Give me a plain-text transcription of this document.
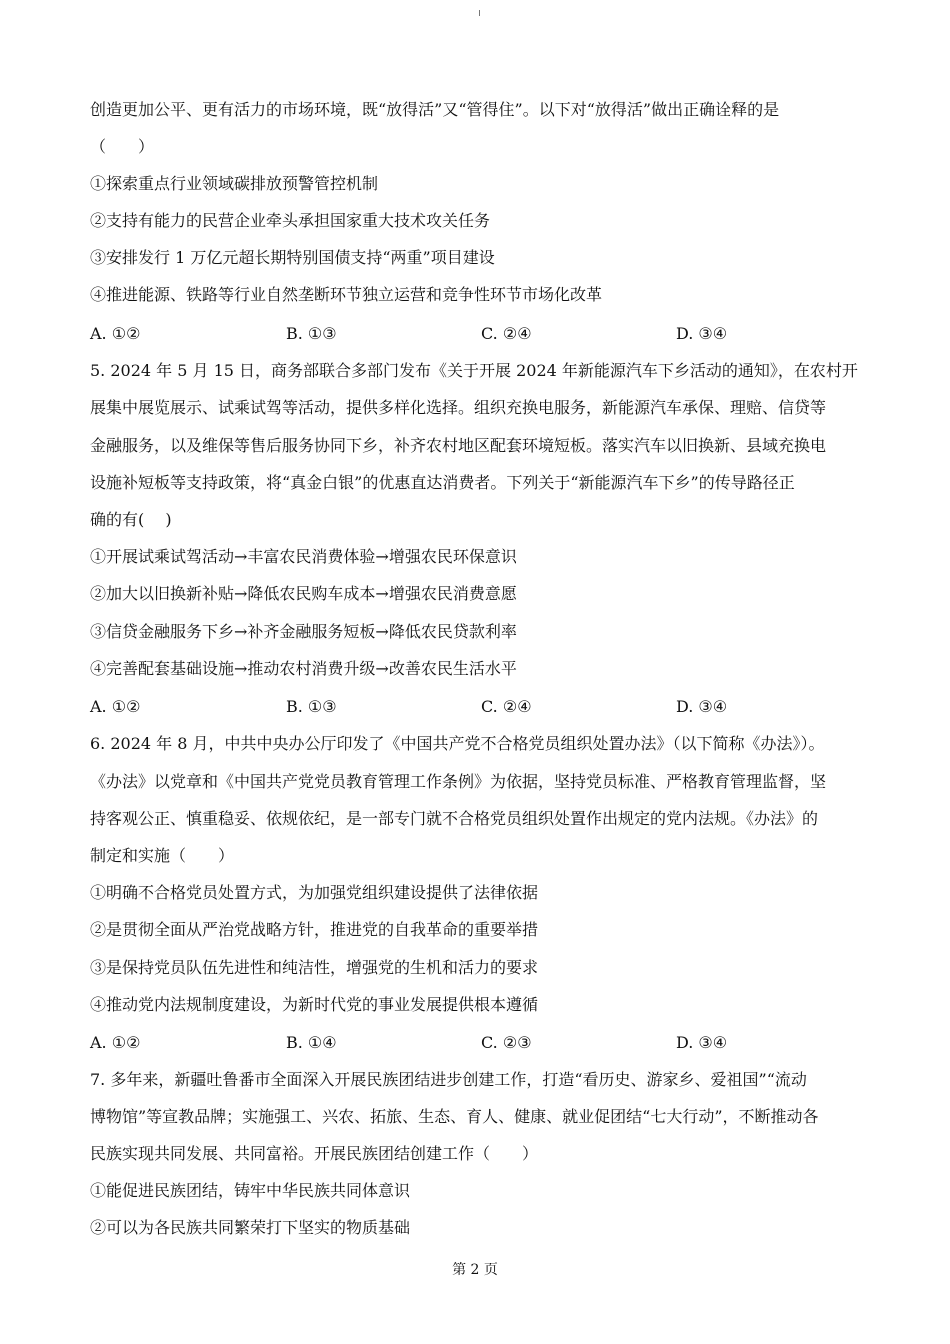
创造更加公平、更有活力的市场环境，既“放得活”又“管得住”。以下对“放得活”做出正确诠释的是
（　　）
①探索重点行业领域碳排放预警管控机制
②支持有能力的民营企业牵头承担国家重大技术攻关任务
③安排发行 1 万亿元超长期特别国债支持“两重”项目建设
④推进能源、铁路等行业自然垄断环节独立运营和竞争性环节市场化改革
A. ①②	B. ①③	C. ②④	D. ③④
5. 2024 年 5 月 15 日，商务部联合多部门发布《关于开展 2024 年新能源汽车下乡活动的通知》，在农村开
展集中展览展示、试乘试驾等活动，提供多样化选择。组织充换电服务，新能源汽车承保、理赔、信贷等
金融服务，以及维保等售后服务协同下乡，补齐农村地区配套环境短板。落实汽车以旧换新、县域充换电
设施补短板等支持政策，将“真金白银”的优惠直达消费者。下列关于“新能源汽车下乡”的传导路径正
确的有(　 )
①开展试乘试驾活动→丰富农民消费体验→增强农民环保意识
②加大以旧换新补贴→降低农民购车成本→增强农民消费意愿
③信贷金融服务下乡→补齐金融服务短板→降低农民贷款利率
④完善配套基础设施→推动农村消费升级→改善农民生活水平
A. ①②	B. ①③	C. ②④	D. ③④
6. 2024 年 8 月，中共中央办公厅印发了《中国共产党不合格党员组织处置办法》（以下简称《办法》）。
《办法》以党章和《中国共产党党员教育管理工作条例》为依据，坚持党员标准、严格教育管理监督，坚
持客观公正、慎重稳妥、依规依纪，是一部专门就不合格党员组织处置作出规定的党内法规。《办法》的
制定和实施（　　）
①明确不合格党员处置方式，为加强党组织建设提供了法律依据
②是贯彻全面从严治党战略方针，推进党的自我革命的重要举措
③是保持党员队伍先进性和纯洁性，增强党的生机和活力的要求
④推动党内法规制度建设，为新时代党的事业发展提供根本遵循
A. ①②	B. ①④	C. ②③	D. ③④
7. 多年来，新疆吐鲁番市全面深入开展民族团结进步创建工作，打造“看历史、游家乡、爱祖国”“流动
博物馆”等宣教品牌；实施强工、兴农、拓旅、生态、育人、健康、就业促团结“七大行动”，不断推动各
民族实现共同发展、共同富裕。开展民族团结创建工作（　　）
①能促进民族团结，铸牢中华民族共同体意识
②可以为各民族共同繁荣打下坚实的物质基础
第 2 页
